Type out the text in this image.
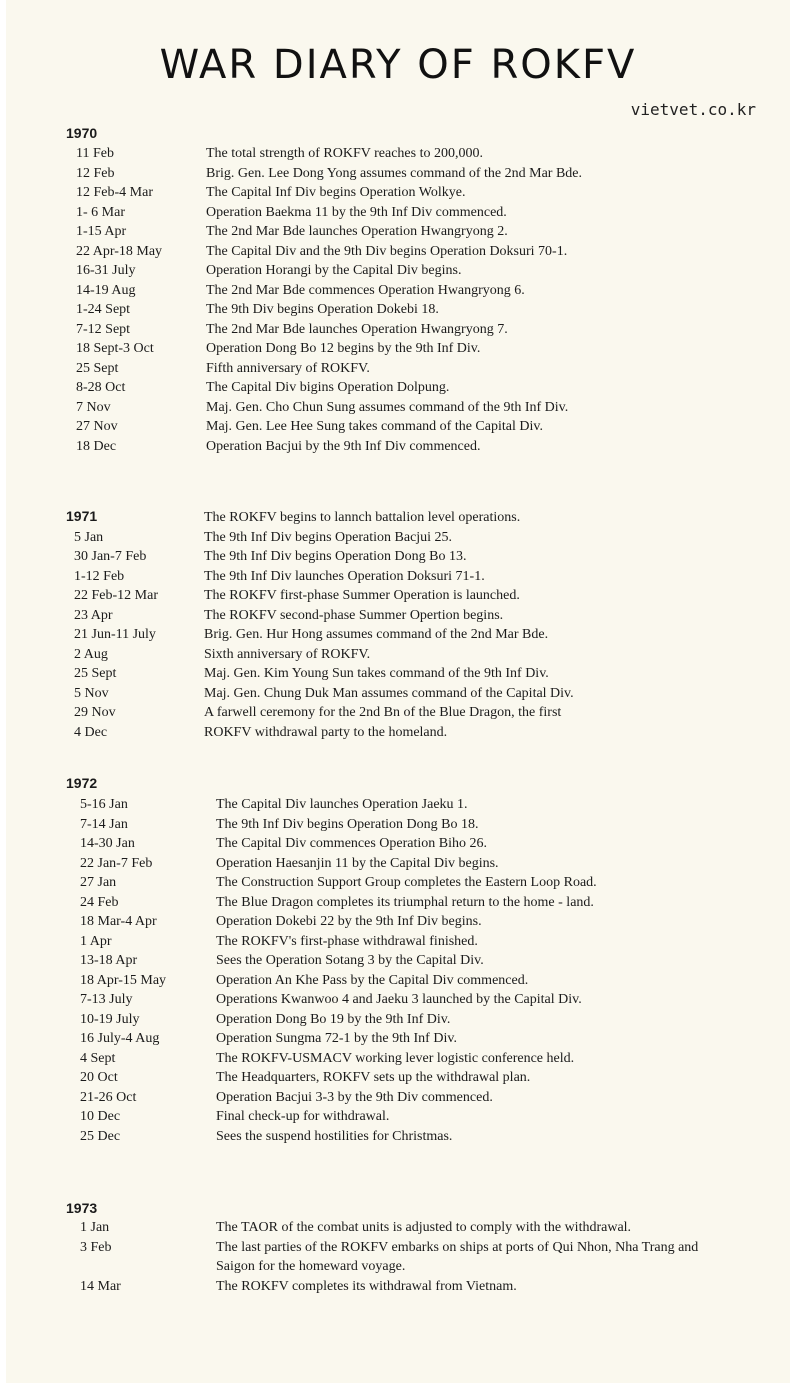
WAR DIARY OF ROKFV
vietvet.co.kr
1970
11 Feb	The total strength of ROKFV reaches to 200,000.
12 Feb	Brig. Gen. Lee Dong Yong assumes command of the 2nd Mar Bde.
12 Feb-4 Mar	The Capital Inf Div begins Operation Wolkye.
1- 6 Mar	Operation Baekma 11 by the 9th Inf Div commenced.
1-15 Apr	The 2nd Mar Bde launches Operation Hwangryong 2.
22 Apr-18 May	The Capital Div and the 9th Div begins Operation Doksuri 70-1.
16-31 July	Operation Horangi by the Capital Div begins.
14-19 Aug	The 2nd Mar Bde commences Operation Hwangryong 6.
1-24 Sept	The 9th Div begins Operation Dokebi 18.
7-12 Sept	The 2nd Mar Bde launches Operation Hwangryong 7.
18 Sept-3 Oct	Operation Dong Bo 12 begins by the 9th Inf Div.
25 Sept	Fifth anniversary of ROKFV.
8-28 Oct	The Capital Div bigins Operation Dolpung.
7 Nov	Maj. Gen. Cho Chun Sung assumes command of the 9th Inf Div.
27 Nov	Maj. Gen. Lee Hee Sung takes command of the Capital Div.
18 Dec	Operation Bacjui by the 9th Inf Div commenced.
1971	The ROKFV begins to lannch battalion level operations.
5 Jan	The 9th Inf Div begins Operation Bacjui 25.
30 Jan-7 Feb	The 9th Inf Div begins Operation Dong Bo 13.
1-12 Feb	The 9th Inf Div launches Operation Doksuri 71-1.
22 Feb-12 Mar	The ROKFV first-phase Summer Operation is launched.
23 Apr	The ROKFV second-phase Summer Opertion begins.
21 Jun-11 July	Brig. Gen. Hur Hong assumes command of the 2nd Mar Bde.
2 Aug	Sixth anniversary of ROKFV.
25 Sept	Maj. Gen. Kim Young Sun takes command of the 9th Inf Div.
5 Nov	Maj. Gen. Chung Duk Man assumes command of the Capital Div.
29 Nov	A farwell ceremony for the 2nd Bn of the Blue Dragon, the first
4 Dec	ROKFV withdrawal party to the homeland.
1972
5-16 Jan	The Capital Div launches Operation Jaeku 1.
7-14 Jan	The 9th Inf Div begins Operation Dong Bo 18.
14-30 Jan	The Capital Div commences Operation Biho 26.
22 Jan-7 Feb	Operation Haesanjin 11 by the Capital Div begins.
27 Jan	The Construction Support Group completes the Eastern Loop Road.
24 Feb	The Blue Dragon completes its triumphal return to the home - land.
18 Mar-4 Apr	Operation Dokebi 22 by the 9th Inf Div begins.
1 Apr	The ROKFV's first-phase withdrawal finished.
13-18 Apr	Sees the Operation Sotang 3 by the Capital Div.
18 Apr-15 May	Operation An Khe Pass by the Capital Div commenced.
7-13 July	Operations Kwanwoo 4 and Jaeku 3 launched by the Capital Div.
10-19 July	Operation Dong Bo 19 by the 9th Inf Div.
16 July-4 Aug	Operation Sungma 72-1 by the 9th Inf Div.
4 Sept	The ROKFV-USMACV working lever logistic conference held.
20 Oct	The Headquarters, ROKFV sets up the withdrawal plan.
21-26 Oct	Operation Bacjui 3-3 by the 9th Div commenced.
10 Dec	Final check-up for withdrawal.
25 Dec	Sees the suspend hostilities for Christmas.
1973
1 Jan	The TAOR of the combat units is adjusted to comply with the withdrawal.
3 Feb	The last parties of the ROKFV embarks on ships at ports of Qui Nhon, Nha Trang and Saigon for the homeward voyage.
14 Mar	The ROKFV completes its withdrawal from Vietnam.
